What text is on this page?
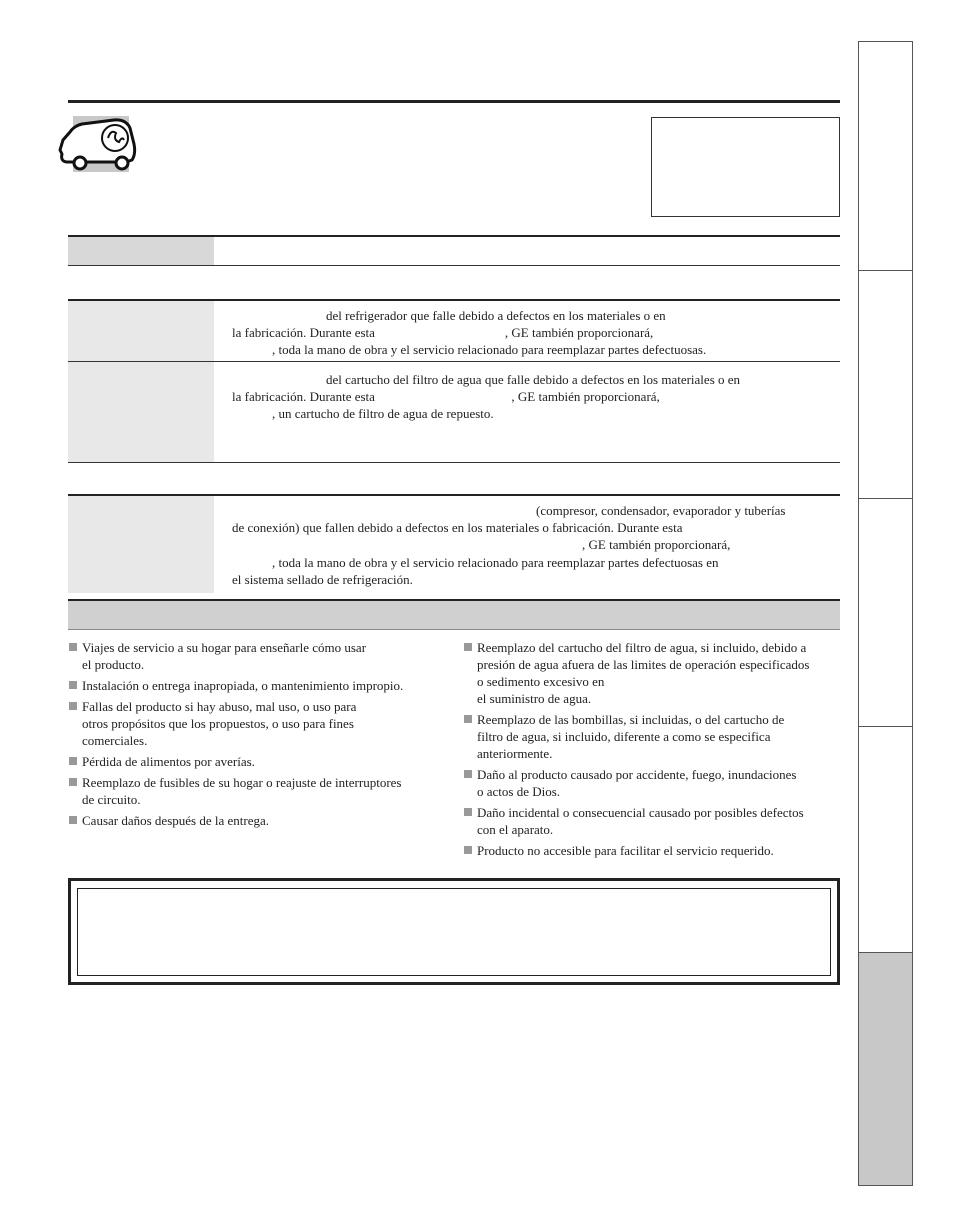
del refrigerador que falle debido a defectos en los materiales o en
la fabricación. Durante esta                                        , GE también proporcionará,
, toda la mano de obra y el servicio relacionado para reemplazar partes defectuosas.
del cartucho del filtro de agua que falle debido a defectos en los materiales o en
la fabricación. Durante esta                                          , GE también proporcionará,
, un cartucho de filtro de agua de repuesto.
(compresor, condensador, evaporador y tuberías
de conexión) que fallen debido a defectos en los materiales o fabricación. Durante esta
, GE también proporcionará,
, toda la mano de obra y el servicio relacionado para reemplazar partes defectuosas en
el sistema sellado de refrigeración.
Viajes de servicio a su hogar para enseñarle cómo usar
el producto.
Instalación o entrega inapropiada, o mantenimiento impropio.
Fallas del producto si hay abuso, mal uso, o uso para
otros propósitos que los propuestos, o uso para fines
comerciales.
Pérdida de alimentos por averías.
Reemplazo de fusibles de su hogar o reajuste de interruptores
de circuito.
Causar daños después de la entrega.
Reemplazo del cartucho del filtro de agua, si incluido, debido a
presión de agua afuera de las limites de operación especificados
o sedimento excesivo en
el suministro de agua.
Reemplazo de las bombillas, si incluidas, o del cartucho de
filtro de agua, si incluido, diferente a como se especifica
anteriormente.
Daño al producto causado por accidente, fuego, inundaciones
o actos de Dios.
Daño incidental o consecuencial causado por posibles defectos
con el aparato.
Producto no accesible para facilitar el servicio requerido.
